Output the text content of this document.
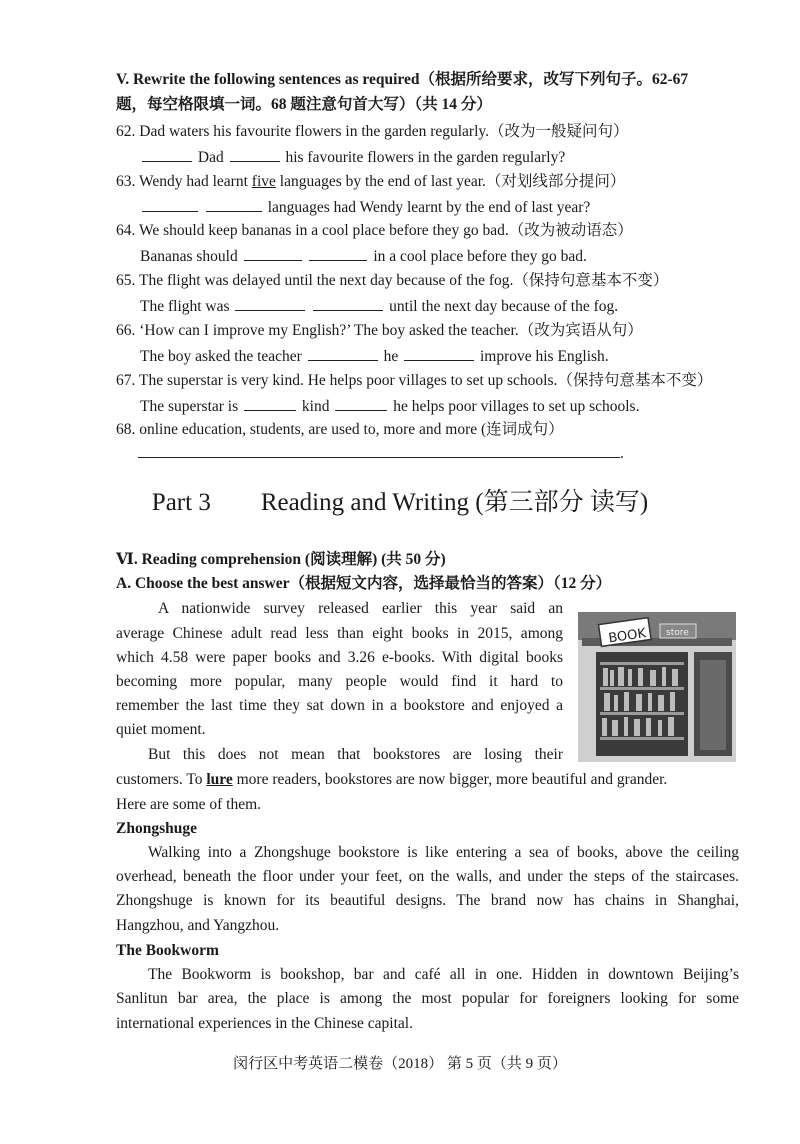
V. Rewrite the following sentences as required（根据所给要求，改写下列句子。62-67
题，每空格限填一词。68 题注意句首大写）（共 14 分）
62. Dad waters his favourite flowers in the garden regularly.（改为一般疑问句）
Dad	his favourite flowers in the garden regularly?
63. Wendy had learnt five languages by the end of last year.（对划线部分提问）
languages had Wendy learnt by the end of last year?
64. We should keep bananas in a cool place before they go bad.（改为被动语态）
Bananas should	in a cool place before they go bad.
65. The flight was delayed until the next day because of the fog.（保持句意基本不变）
The flight was	until the next day because of the fog.
66. ‘How can I improve my English?’ The boy asked the teacher.（改为宾语从句）
The boy asked the teacher	he	improve his English.
67. The superstar is very kind. He helps poor villages to set up schools.（保持句意基本不变）
The superstar is	kind	he helps poor villages to set up schools.
68. online education, students, are used to, more and more (连词成句）
.
Part 3　　Reading and Writing (第三部分 读写)
Ⅵ. Reading comprehension (阅读理解) (共 50 分)
A. Choose the best answer（根据短文内容，选择最恰当的答案）（12 分）
A nationwide survey released earlier this year said an
average Chinese adult read less than eight books in 2015, among
which 4.58 were paper books and 3.26 e-books. With digital books
becoming more popular, many people would find it hard to
remember the last time they sat down in a bookstore and enjoyed a
quiet moment.
But this does not mean that bookstores are losing their
customers. To lure more readers, bookstores are now bigger, more beautiful and grander.
Here are some of them.
Zhongshuge
Walking into a Zhongshuge bookstore is like entering a sea of books, above the ceiling
overhead, beneath the floor under your feet, on the walls, and under the steps of the staircases.
Zhongshuge is known for its beautiful designs. The brand now has chains in Shanghai,
Hangzhou, and Yangzhou.
The Bookworm
The Bookworm is bookshop, bar and café all in one. Hidden in downtown Beijing’s
Sanlitun bar area, the place is among the most popular for foreigners looking for some
international experiences in the Chinese capital.
BOOK store
闵行区中考英语二模卷（2018） 第 5 页（共 9 页）
